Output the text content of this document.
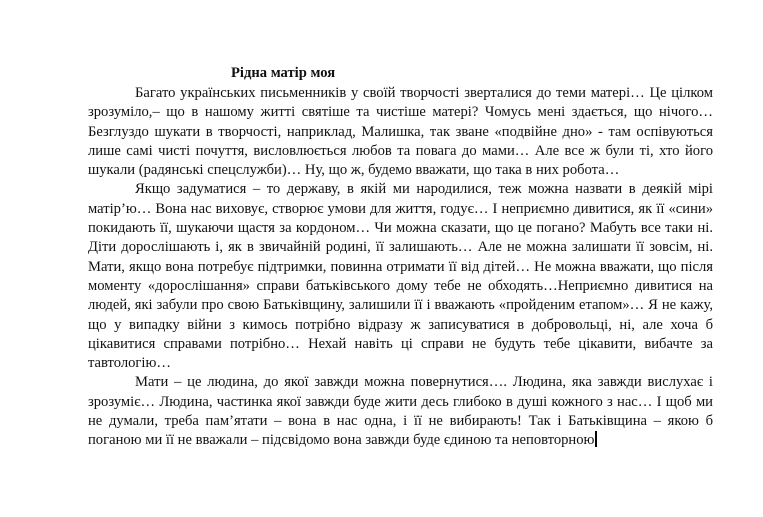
Рідна матір моя

Багато українських письменників у своїй творчості зверталися до теми матері… Це цілком зрозуміло,– що в нашому житті святіше та чистіше матері? Чомусь мені здається, що нічого… Безглуздо шукати в творчості, наприклад, Малишка, так зване «подвійне дно» - там оспівуються лише самі чисті почуття, висловлюється любов та повага до мами… Але все ж були ті, хто його шукали (радянські спецслужби)… Ну, що ж, будемо вважати, що така в них робота…

Якщо задуматися – то державу, в якій ми народилися, теж можна назвати в деякій мірі матір’ю… Вона нас виховує, створює умови для життя, годує… І неприємно дивитися, як її «сини» покидають її, шукаючи щастя за кордоном… Чи можна сказати, що це погано? Мабуть все таки ні. Діти дорослішають і, як в звичайній родині, її залишають… Але не можна залишати її зовсім, ні. Мати, якщо вона потребує підтримки, повинна отримати її від дітей… Не можна вважати, що після моменту «дорослішання» справи батьківського дому тебе не обходять…Неприємно дивитися на людей, які забули про свою Батьківщину, залишили її і вважають «пройденим етапом»… Я не кажу, що у випадку війни з кимось потрібно відразу ж записуватися в добровольці, ні, але хоча б цікавитися справами потрібно… Нехай навіть ці справи не будуть тебе цікавити, вибачте за тавтологію…

Мати – це людина, до якої завжди можна повернутися…. Людина, яка завжди вислухає і зрозуміє… Людина, частинка якої завжди буде жити десь глибоко в душі кожного з нас… І щоб ми не думали, треба пам’ятати – вона в нас одна, і її не вибирають! Так і Батьківщина – якою б поганою ми її не вважали – підсвідомо вона завжди буде єдиною та неповторною
